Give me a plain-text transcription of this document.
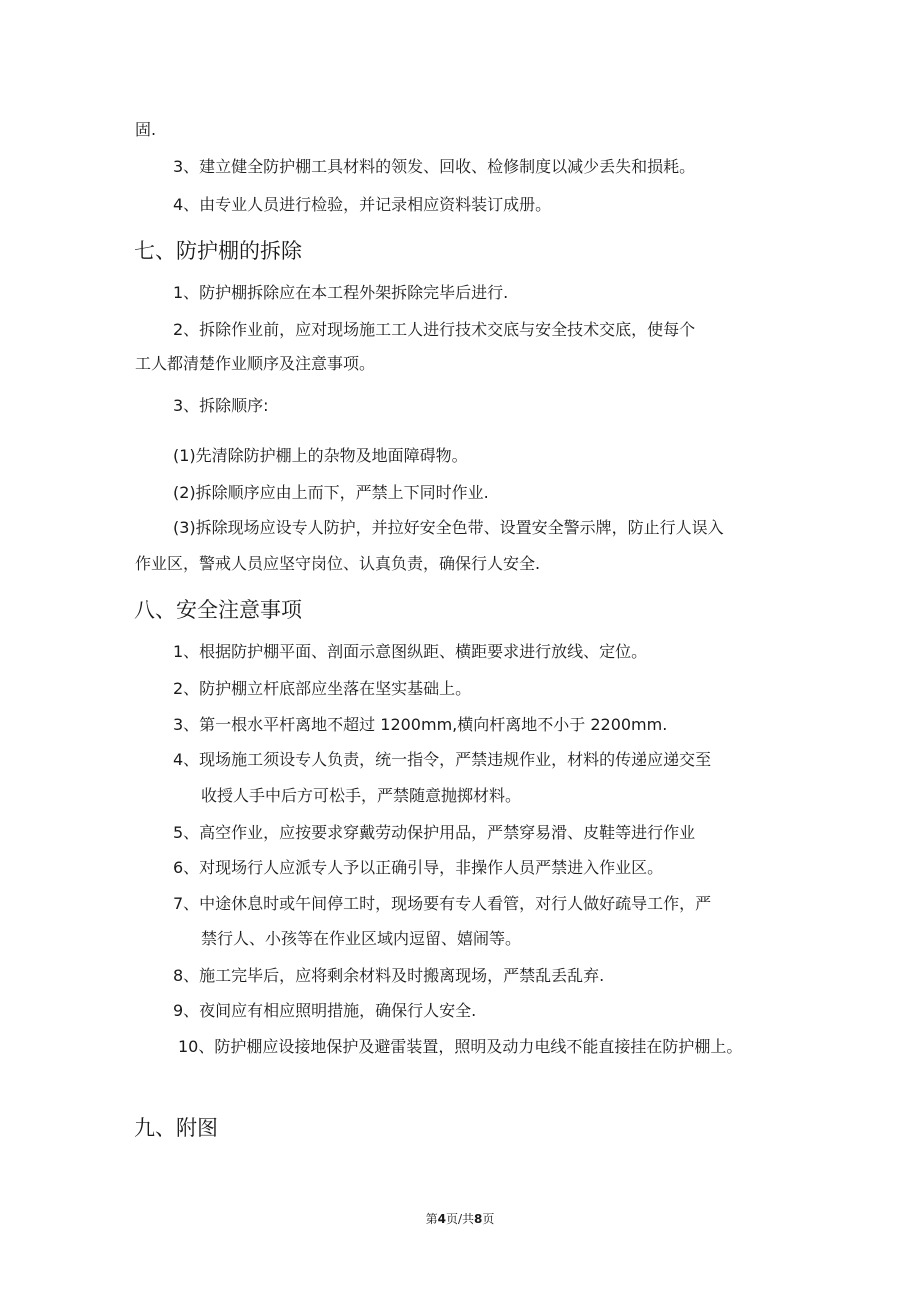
固.
3、建立健全防护棚工具材料的领发、回收、检修制度以减少丢失和损耗。
4、由专业人员进行检验，并记录相应资料装订成册。
七、防护棚的拆除
1、防护棚拆除应在本工程外架拆除完毕后进行.
2、拆除作业前，应对现场施工工人进行技术交底与安全技术交底，使每个
工人都清楚作业顺序及注意事项。
3、拆除顺序:
(1)先清除防护棚上的杂物及地面障碍物。
(2)拆除顺序应由上而下，严禁上下同时作业.
(3)拆除现场应设专人防护，并拉好安全色带、设置安全警示牌，防止行人误入
作业区，警戒人员应坚守岗位、认真负责，确保行人安全.
八、安全注意事项
1、根据防护棚平面、剖面示意图纵距、横距要求进行放线、定位。
2、防护棚立杆底部应坐落在坚实基础上。
3、第一根水平杆离地不超过 1200mm,横向杆离地不小于 2200mm.
4、现场施工须设专人负责，统一指令，严禁违规作业，材料的传递应递交至
收授人手中后方可松手，严禁随意抛掷材料。
5、高空作业，应按要求穿戴劳动保护用品，严禁穿易滑、皮鞋等进行作业
6、对现场行人应派专人予以正确引导，非操作人员严禁进入作业区。
7、中途休息时或午间停工时，现场要有专人看管，对行人做好疏导工作，严
禁行人、小孩等在作业区域内逗留、嬉闹等。
8、施工完毕后，应将剩余材料及时搬离现场，严禁乱丢乱弃.
9、夜间应有相应照明措施，确保行人安全.
10、防护棚应设接地保护及避雷装置，照明及动力电线不能直接挂在防护棚上。
九、附图
第4页/共8页
